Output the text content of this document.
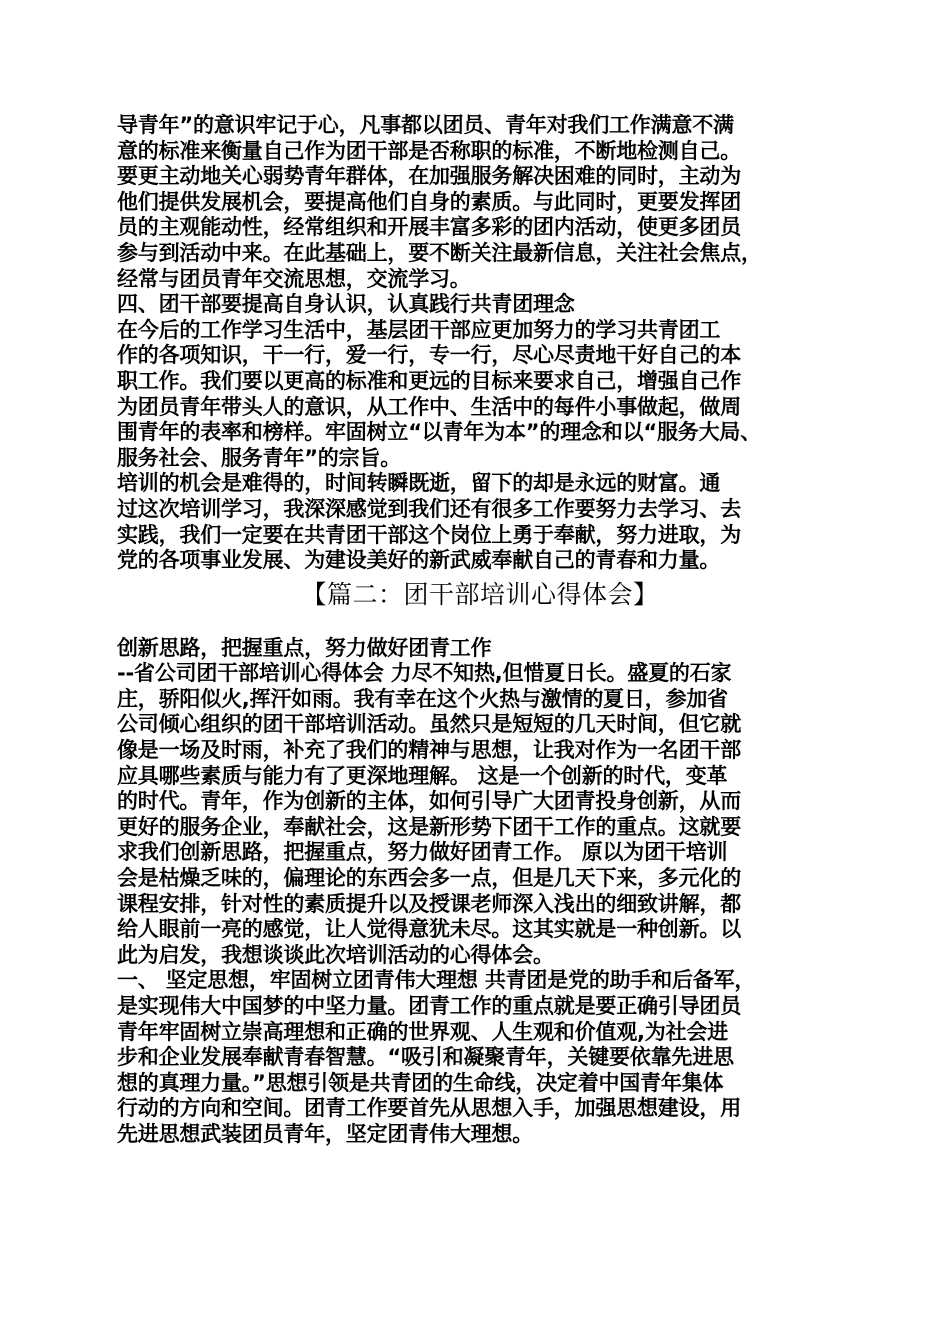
导青年”的意识牢记于心，凡事都以团员、青年对我们工作满意不满
意的标准来衡量自己作为团干部是否称职的标准，不断地检测自己。
要更主动地关心弱势青年群体，在加强服务解决困难的同时，主动为
他们提供发展机会，要提高他们自身的素质。与此同时，更要发挥团
员的主观能动性，经常组织和开展丰富多彩的团内活动，使更多团员
参与到活动中来。在此基础上，要不断关注最新信息，关注社会焦点，
经常与团员青年交流思想，交流学习。
四、团干部要提高自身认识，认真践行共青团理念
在今后的工作学习生活中，基层团干部应更加努力的学习共青团工
作的各项知识，干一行，爱一行，专一行，尽心尽责地干好自己的本
职工作。我们要以更高的标准和更远的目标来要求自己，增强自己作
为团员青年带头人的意识，从工作中、生活中的每件小事做起，做周
围青年的表率和榜样。牢固树立“以青年为本”的理念和以“服务大局、
服务社会、服务青年”的宗旨。
培训的机会是难得的，时间转瞬既逝，留下的却是永远的财富。通
过这次培训学习，我深深感觉到我们还有很多工作要努力去学习、去
实践，我们一定要在共青团干部这个岗位上勇于奉献，努力进取，为
党的各项事业发展、为建设美好的新武威奉献自己的青春和力量。
【篇二：团干部培训心得体会】
创新思路，把握重点，努力做好团青工作
--省公司团干部培训心得体会 力尽不知热,但惜夏日长。盛夏的石家
庄，骄阳似火,挥汗如雨。我有幸在这个火热与激情的夏日，参加省
公司倾心组织的团干部培训活动。虽然只是短短的几天时间，但它就
像是一场及时雨，补充了我们的精神与思想，让我对作为一名团干部
应具哪些素质与能力有了更深地理解。 这是一个创新的时代，变革
的时代。青年，作为创新的主体，如何引导广大团青投身创新，从而
更好的服务企业，奉献社会，这是新形势下团干工作的重点。这就要
求我们创新思路，把握重点，努力做好团青工作。 原以为团干培训
会是枯燥乏味的，偏理论的东西会多一点，但是几天下来，多元化的
课程安排，针对性的素质提升以及授课老师深入浅出的细致讲解，都
给人眼前一亮的感觉，让人觉得意犹未尽。这其实就是一种创新。以
此为启发，我想谈谈此次培训活动的心得体会。
一、 坚定思想，牢固树立团青伟大理想 共青团是党的助手和后备军，
是实现伟大中国梦的中坚力量。团青工作的重点就是要正确引导团员
青年牢固树立崇高理想和正确的世界观、人生观和价值观,为社会进
步和企业发展奉献青春智慧。“吸引和凝聚青年，关键要依靠先进思
想的真理力量。”思想引领是共青团的生命线，决定着中国青年集体
行动的方向和空间。团青工作要首先从思想入手，加强思想建设，用
先进思想武装团员青年，坚定团青伟大理想。
